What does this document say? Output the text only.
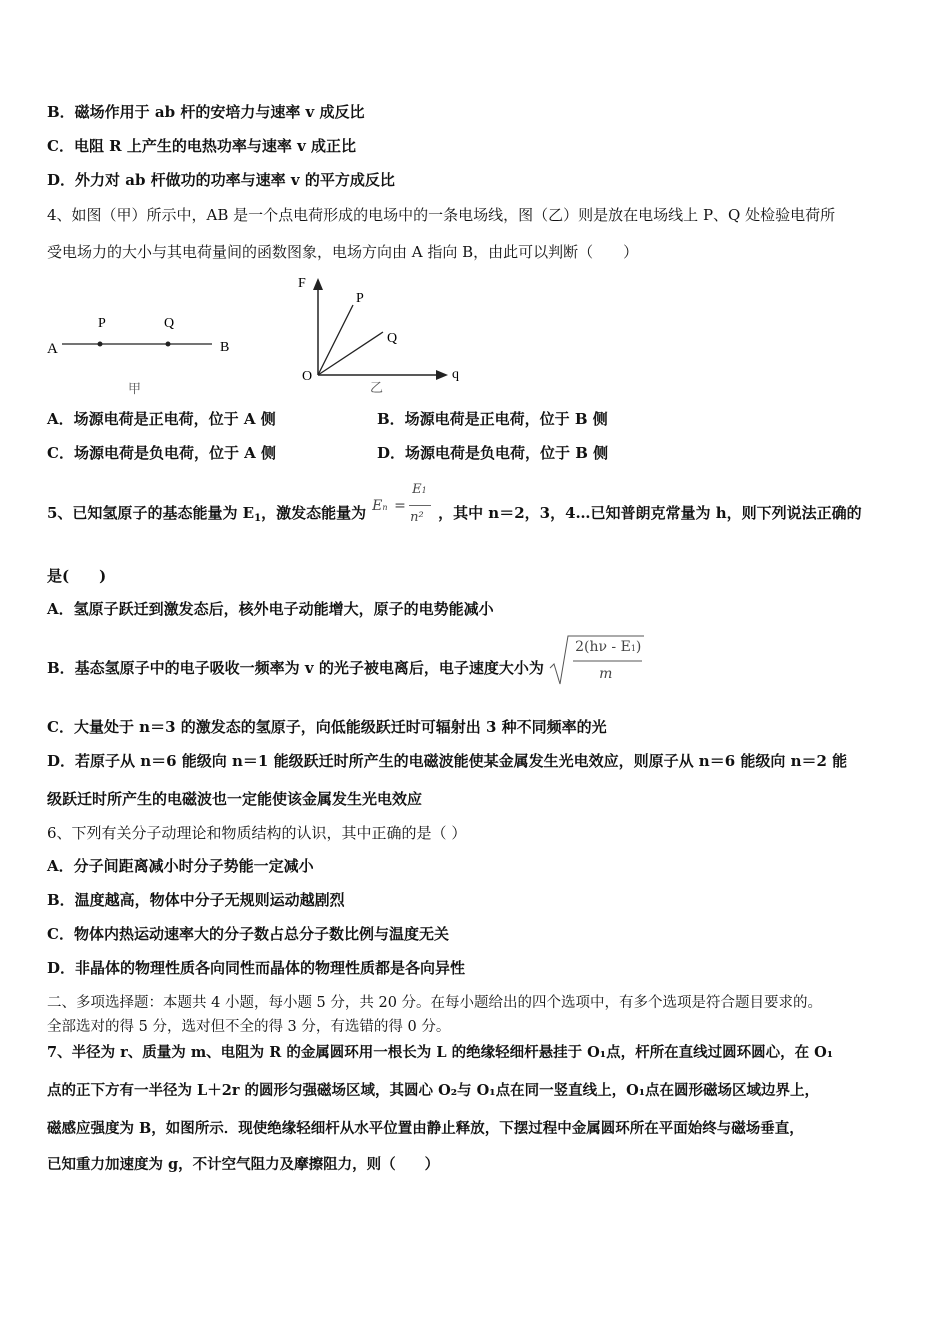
B．磁场作用于 ab 杆的安培力与速率 v 成反比
C．电阻 R 上产生的电热功率与速率 v 成正比
D．外力对 ab 杆做功的功率与速率 v 的平方成反比
4、如图（甲）所示中，AB 是一个点电荷形成的电场中的一条电场线，图（乙）则是放在电场线上 P、Q 处检验电荷所
受电场力的大小与其电荷量间的函数图象，电场方向由 A 指向 B，由此可以判断（　　）
A
P	Q
B
甲
F
P
Q
O	q
乙
A．场源电荷是正电荷，位于 A 侧	B．场源电荷是正电荷，位于 B 侧
C．场源电荷是负电荷，位于 A 侧	D．场源电荷是负电荷，位于 B 侧
5、已知氢原子的基态能量为 $E_1$，激发态能量为 En =
E1
n² ，其中 n＝2，3，4…已知普朗克常量为 h，则下列说法正确的
是(　　)
A．氢原子跃迁到激发态后，核外电子动能增大，原子的电势能减小
B．基态氢原子中的电子吸收一频率为 v 的光子被电离后，电子速度大小为
2(hν - E1)
m
C．大量处于 n＝3 的激发态的氢原子，向低能级跃迁时可辐射出 3 种不同频率的光
D．若原子从 n＝6 能级向 n＝1 能级跃迁时所产生的电磁波能使某金属发生光电效应，则原子从 n＝6 能级向 n＝2 能
级跃迁时所产生的电磁波也一定能使该金属发生光电效应
6、下列有关分子动理论和物质结构的认识，其中正确的是（ ）
A．分子间距离减小时分子势能一定减小
B．温度越高，物体中分子无规则运动越剧烈
C．物体内热运动速率大的分子数占总分子数比例与温度无关
D．非晶体的物理性质各向同性而晶体的物理性质都是各向异性
二、多项选择题：本题共 4 小题，每小题 5 分，共 20 分。在每小题给出的四个选项中，有多个选项是符合题目要求的。
全部选对的得 5 分，选对但不全的得 3 分，有选错的得 0 分。
7、半径为 r、质量为 m、电阻为 R 的金属圆环用一根长为 L 的绝缘轻细杆悬挂于 O₁点，杆所在直线过圆环圆心，在 O₁
点的正下方有一半径为 L＋2r 的圆形匀强磁场区域，其圆心 O₂与 O₁点在同一竖直线上，O₁点在圆形磁场区域边界上，
磁感应强度为 B，如图所示．现使绝缘轻细杆从水平位置由静止释放，下摆过程中金属圆环所在平面始终与磁场垂直，
已知重力加速度为 g，不计空气阻力及摩擦阻力，则（　　）
